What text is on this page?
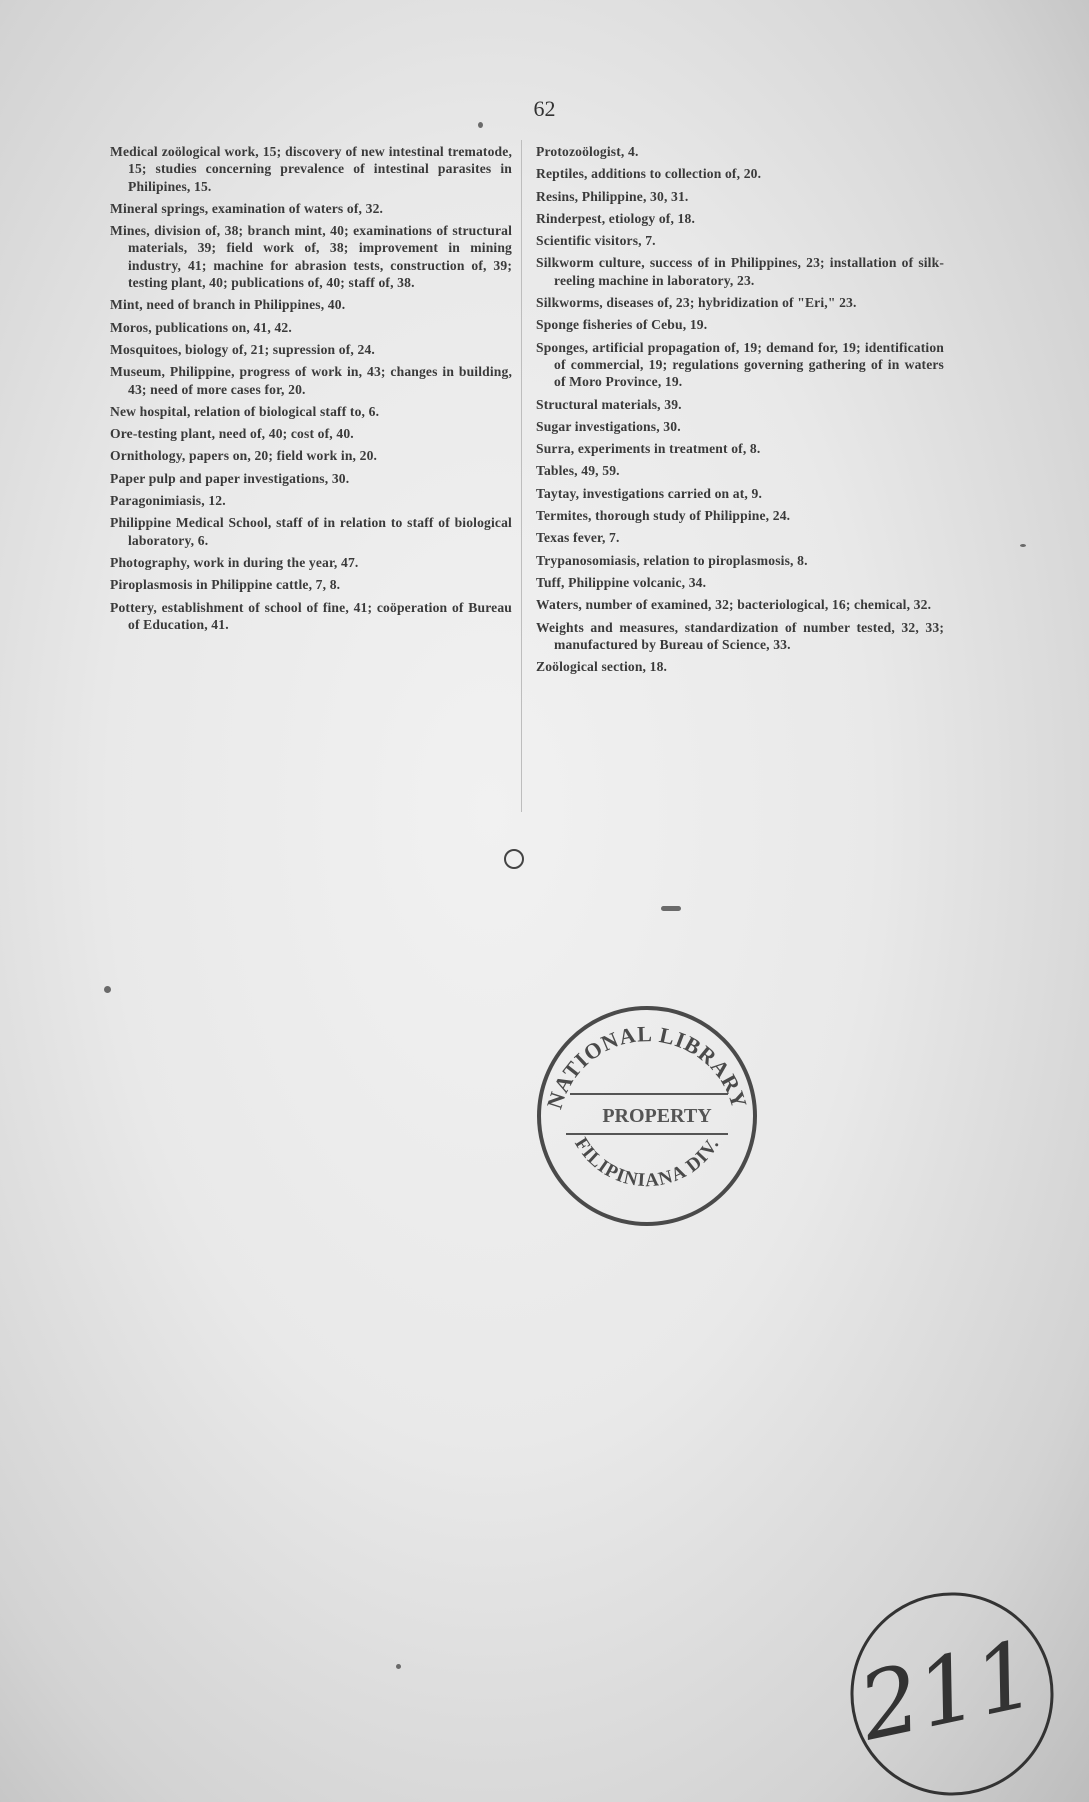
62

Medical zoölogical work, 15; discovery of new intestinal trematode, 15; studies concerning prevalence of intestinal parasites in Philipines, 15.

Mineral springs, examination of waters of, 32.

Mines, division of, 38; branch mint, 40; examinations of structural materials, 39; field work of, 38; improvement in mining industry, 41; machine for abrasion tests, construction of, 39; testing plant, 40; publications of, 40; staff of, 38.

Mint, need of branch in Philippines, 40.

Moros, publications on, 41, 42.

Mosquitoes, biology of, 21; supression of, 24.

Museum, Philippine, progress of work in, 43; changes in building, 43; need of more cases for, 20.

New hospital, relation of biological staff to, 6.

Ore-testing plant, need of, 40; cost of, 40.

Ornithology, papers on, 20; field work in, 20.

Paper pulp and paper investigations, 30.

Paragonimiasis, 12.

Philippine Medical School, staff of in relation to staff of biological laboratory, 6.

Photography, work in during the year, 47.

Piroplasmosis in Philippine cattle, 7, 8.

Pottery, establishment of school of fine, 41; coöperation of Bureau of Education, 41.

Protozoölogist, 4.

Reptiles, additions to collection of, 20.

Resins, Philippine, 30, 31.

Rinderpest, etiology of, 18.

Scientific visitors, 7.

Silkworm culture, success of in Philippines, 23; installation of silk-reeling machine in laboratory, 23.

Silkworms, diseases of, 23; hybridization of "Eri," 23.

Sponge fisheries of Cebu, 19.

Sponges, artificial propagation of, 19; demand for, 19; identification of commercial, 19; regulations governing gathering of in waters of Moro Province, 19.

Structural materials, 39.

Sugar investigations, 30.

Surra, experiments in treatment of, 8.

Tables, 49, 59.

Taytay, investigations carried on at, 9.

Termites, thorough study of Philippine, 24.

Texas fever, 7.

Trypanosomiasis, relation to piroplasmosis, 8.

Tuff, Philippine volcanic, 34.

Waters, number of examined, 32; bacteriological, 16; chemical, 32.

Weights and measures, standardization of number tested, 32, 33; manufactured by Bureau of Science, 33.

Zoölogical section, 18.

NATIONAL LIBRARY
PROPERTY
FILIPINIANA DIV.
211
